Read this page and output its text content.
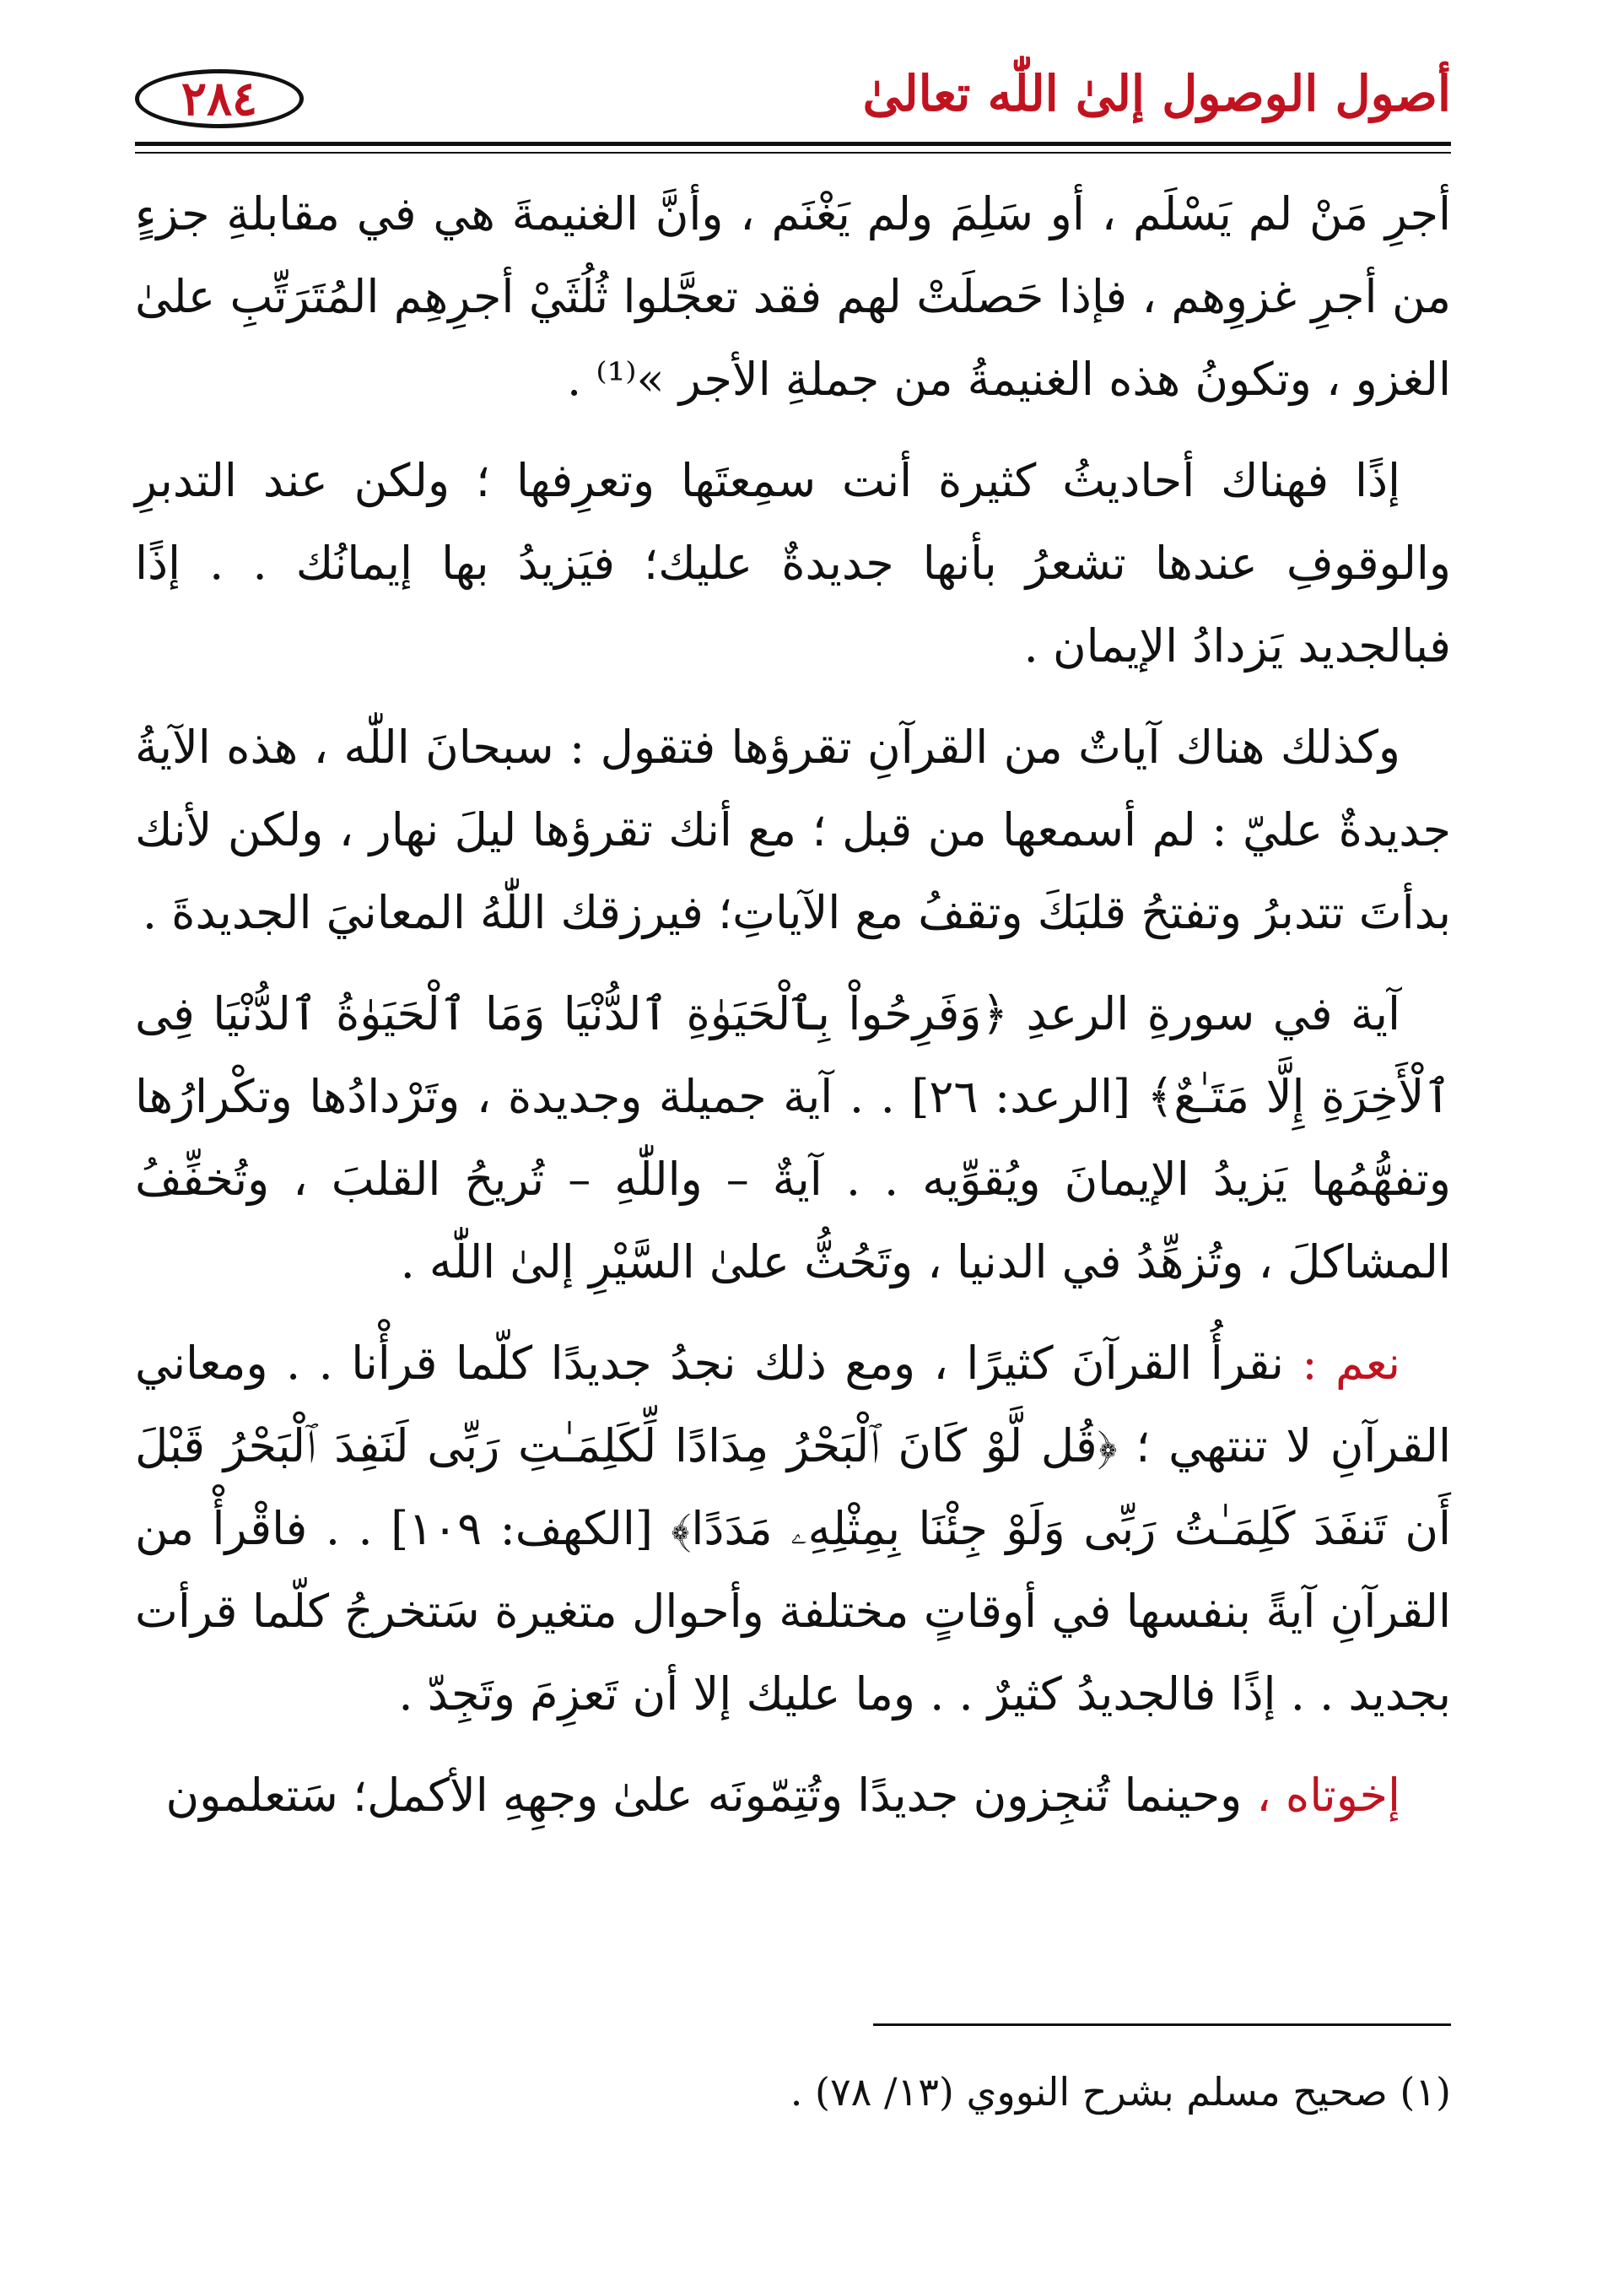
٢٨٤	أصول الوصول إلىٰ اللّٰه تعالىٰ

أجرِ مَنْ لم يَسْلَم ، أو سَلِمَ ولم يَغْنَم ، وأنَّ الغنيمةَ هي في مقابلةِ جزءٍ من أجرِ غزوِهم ، فإذا حَصلَتْ لهم فقد تعجَّلوا ثُلُثَيْ أجرِهِم المُتَرَتِّبِ علىٰ الغزو ، وتكونُ هذه الغنيمةُ من جملةِ الأجر »⁽¹⁾ .

إذًا فهناك أحاديثُ كثيرة أنت سمِعتَها وتعرِفها ؛ ولكن عند التدبرِ والوقوفِ عندها تشعرُ بأنها جديدةٌ عليك؛ فيَزيدُ بها إيمانُك . . إذًا فبالجديد يَزدادُ الإيمان .

وكذلك هناك آياتٌ من القرآنِ تقرؤها فتقول : سبحانَ اللّٰه ، هذه الآيةُ جديدةٌ عليّ : لم أسمعها من قبل ؛ مع أنك تقرؤها ليلَ نهار ، ولكن لأنك بدأتَ تتدبرُ وتفتحُ قلبَكَ وتقفُ مع الآياتِ؛ فيرزقك اللّٰهُ المعانيَ الجديدةَ .

آية في سورةِ الرعدِ ﴿وَفَرِحُواْ بِٱلْحَيَوٰةِ ٱلدُّنْيَا وَمَا ٱلْحَيَوٰةُ ٱلدُّنْيَا فِى ٱلْأَخِرَةِ إِلَّا مَتَـٰعٌ﴾ [الرعد: ٢٦] . . آية جميلة وجديدة ، وتَرْدادُها وتكْرارُها وتفهُّمُها يَزيدُ الإيمانَ ويُقوِّيه . . آيةٌ – واللّٰهِ – تُريحُ القلبَ ، وتُخفِّفُ المشاكلَ ، وتُزهِّدُ في الدنيا ، وتَحُثُّ علىٰ السَّيْرِ إلىٰ اللّٰه .

نعم : نقرأُ القرآنَ كثيرًا ، ومع ذلك نجدُ جديدًا كلّما قرأْنا . . ومعاني القرآنِ لا تنتهي ؛ ﴿قُل لَّوْ كَانَ ٱلْبَحْرُ مِدَادًا لِّكَلِمَـٰتِ رَبِّى لَنَفِدَ ٱلْبَحْرُ قَبْلَ أَن تَنفَدَ كَلِمَـٰتُ رَبِّى وَلَوْ جِئْنَا بِمِثْلِهِۦ مَدَدًا﴾ [الكهف: ١٠٩] . . فاقْرأْ من القرآنِ آيةً بنفسها في أوقاتٍ مختلفة وأحوال متغيرة سَتخرجُ كلّما قرأت بجديد . . إذًا فالجديدُ كثيرٌ . . وما عليك إلا أن تَعزِمَ وتَجِدّ .

إخوتاه ، وحينما تُنجِزون جديدًا وتُتِمّونَه علىٰ وجهِهِ الأكمل؛ سَتعلمون

(١) صحيح مسلم بشرح النووي (١٣/ ٧٨) .
